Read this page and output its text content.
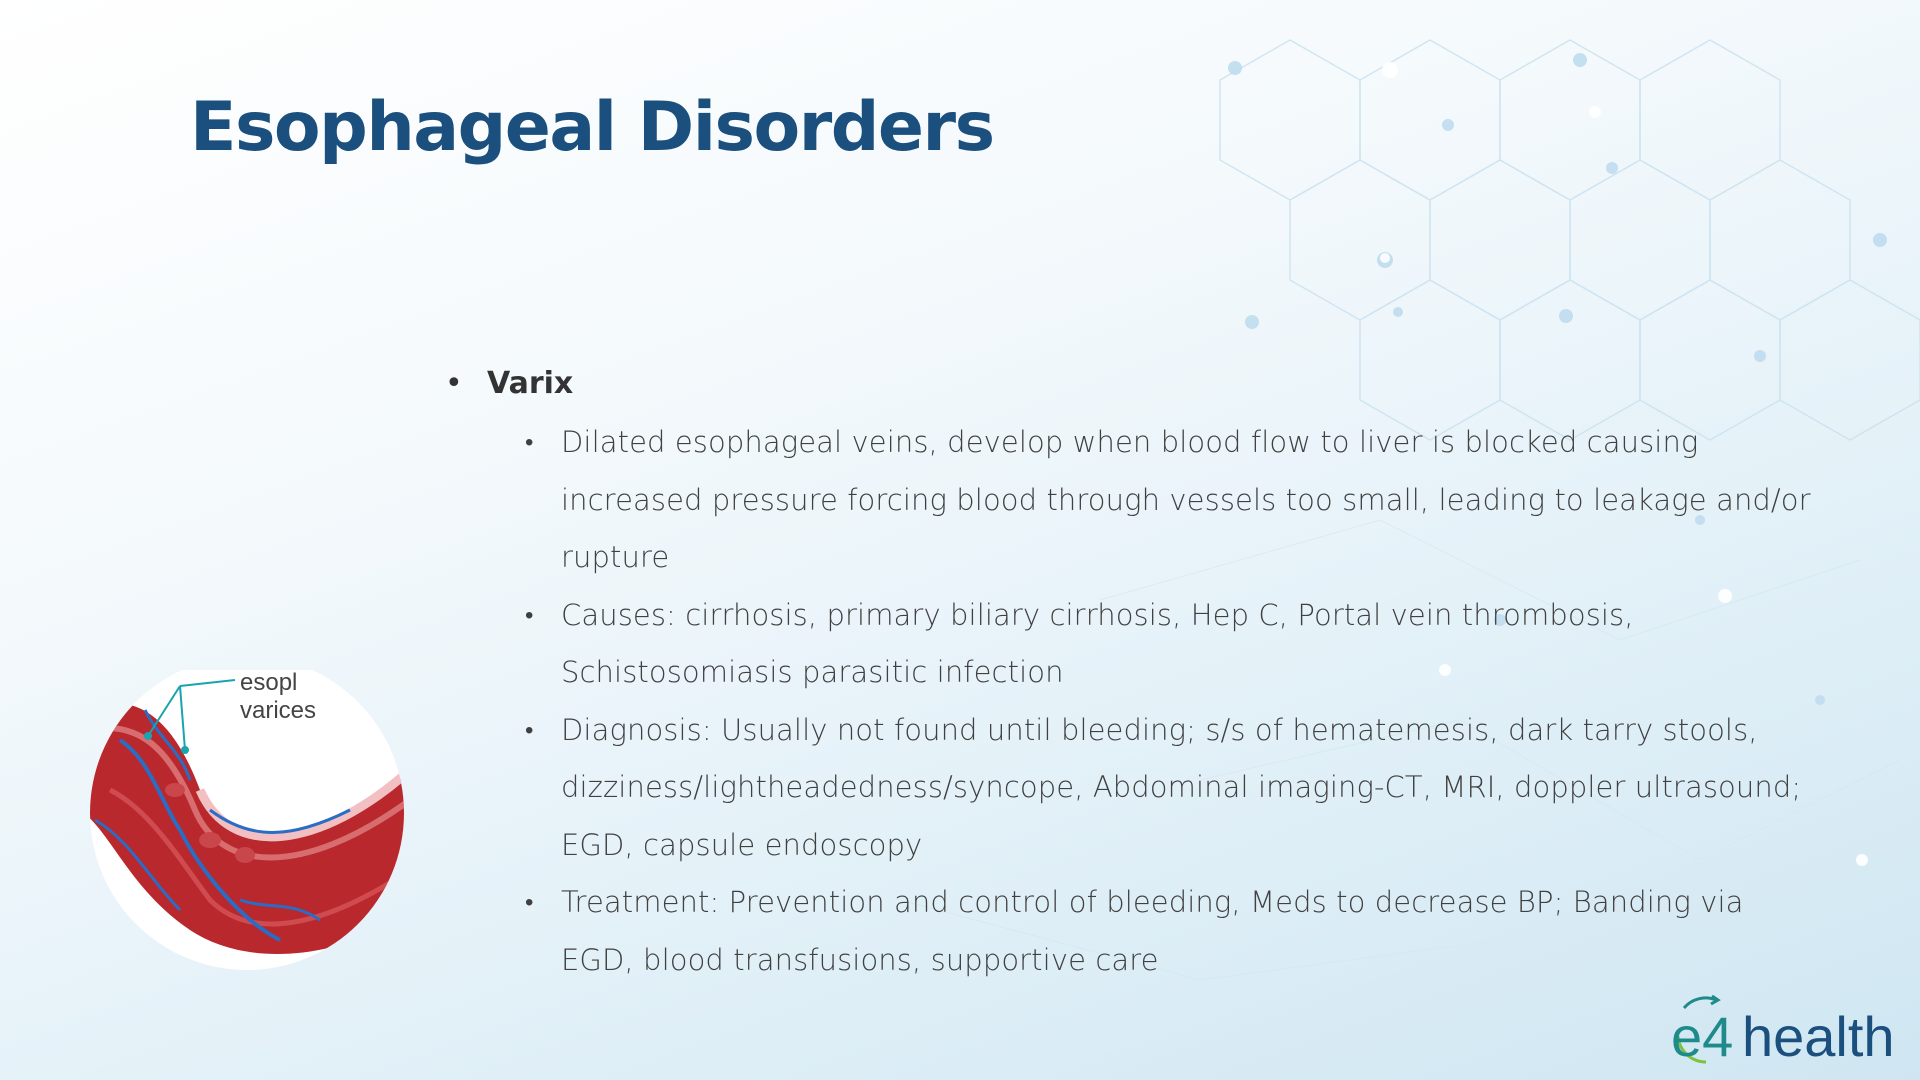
Esophageal Disorders
• Varix
• Dilated esophageal veins, develop when blood flow to liver is blocked causing increased pressure forcing blood through vessels too small, leading to leakage and/or rupture
• Causes: cirrhosis, primary biliary cirrhosis, Hep C, Portal vein thrombosis, Schistosomiasis parasitic infection
• Diagnosis: Usually not found until bleeding; s/s of hematemesis, dark tarry stools, dizziness/lightheadedness/syncope, Abdominal imaging-CT, MRI, doppler ultrasound; EGD, capsule endoscopy
• Treatment: Prevention and control of bleeding, Meds to decrease BP; Banding via EGD, blood transfusions, supportive care
esopl
varices
e4 health
